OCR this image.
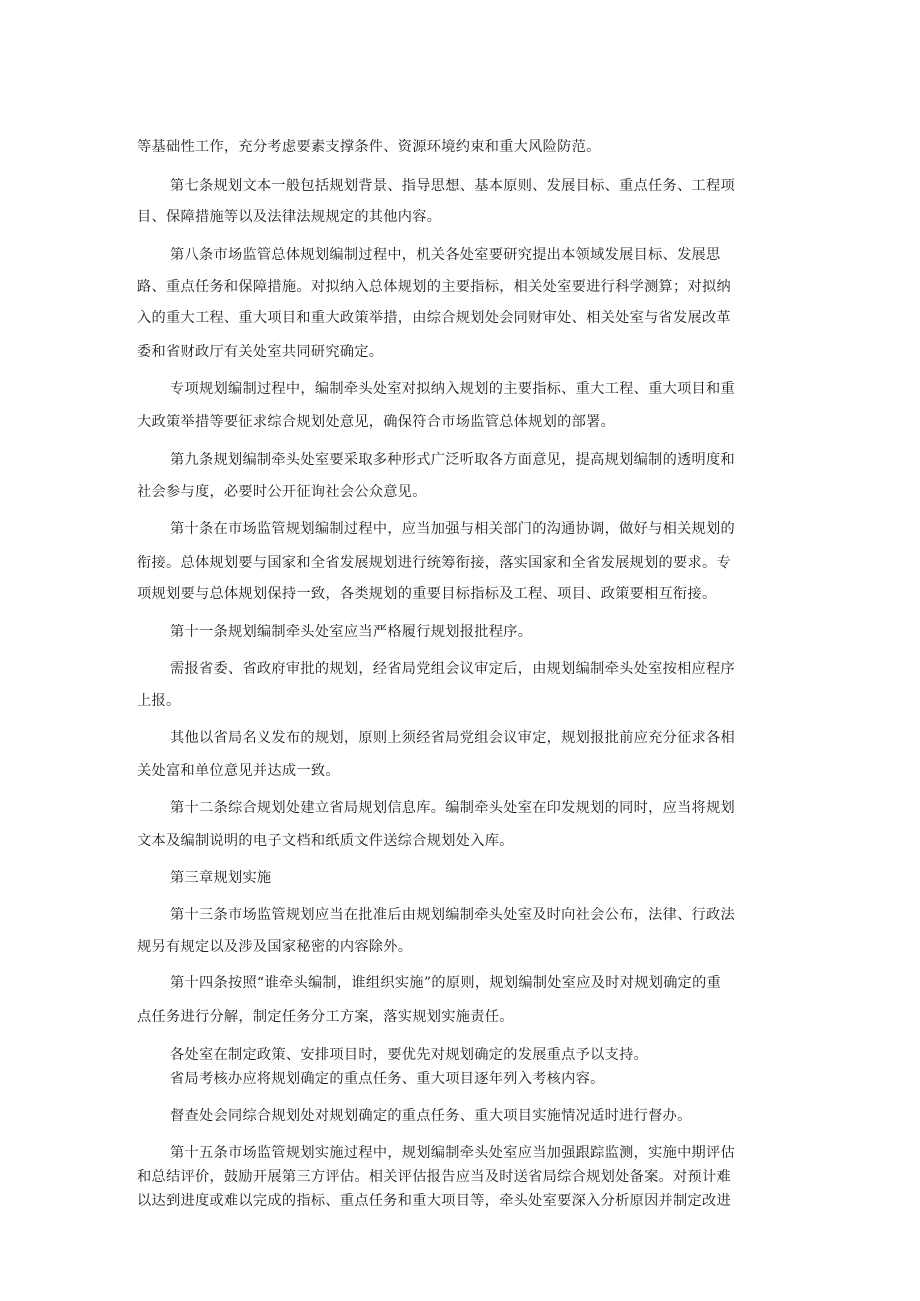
等基础性工作，充分考虑要素支撑条件、资源环境约束和重大风险防范。
第七条规划文本一般包括规划背景、指导思想、基本原则、发展目标、重点任务、工程项
目、保障措施等以及法律法规规定的其他内容。
第八条市场监管总体规划编制过程中，机关各处室要研究提出本领域发展目标、发展思
路、重点任务和保障措施。对拟纳入总体规划的主要指标，相关处室要进行科学测算；对拟纳
入的重大工程、重大项目和重大政策举措，由综合规划处会同财审处、相关处室与省发展改革
委和省财政厅有关处室共同研究确定。
专项规划编制过程中，编制牵头处室对拟纳入规划的主要指标、重大工程、重大项目和重
大政策举措等要征求综合规划处意见，确保符合市场监管总体规划的部署。
第九条规划编制牵头处室要采取多种形式广泛听取各方面意见，提高规划编制的透明度和
社会参与度，必要时公开征询社会公众意见。
第十条在市场监管规划编制过程中，应当加强与相关部门的沟通协调，做好与相关规划的
衔接。总体规划要与国家和全省发展规划进行统筹衔接，落实国家和全省发展规划的要求。专
项规划要与总体规划保持一致，各类规划的重要目标指标及工程、项目、政策要相互衔接。
第十一条规划编制牵头处室应当严格履行规划报批程序。
需报省委、省政府审批的规划，经省局党组会议审定后，由规划编制牵头处室按相应程序
上报。
其他以省局名义发布的规划，原则上须经省局党组会议审定，规划报批前应充分征求各相
关处富和单位意见并达成一致。
第十二条综合规划处建立省局规划信息库。编制牵头处室在印发规划的同时，应当将规划
文本及编制说明的电子文档和纸质文件送综合规划处入库。
第三章规划实施
第十三条市场监管规划应当在批准后由规划编制牵头处室及时向社会公布，法律、行政法
规另有规定以及涉及国家秘密的内容除外。
第十四条按照“谁牵头编制，谁组织实施”的原则，规划编制处室应及时对规划确定的重
点任务进行分解，制定任务分工方案，落实规划实施责任。
各处室在制定政策、安排项目时，要优先对规划确定的发展重点予以支持。
省局考核办应将规划确定的重点任务、重大项目逐年列入考核内容。
督查处会同综合规划处对规划确定的重点任务、重大项目实施情况适时进行督办。
第十五条市场监管规划实施过程中，规划编制牵头处室应当加强跟踪监测，实施中期评估
和总结评价，鼓励开展第三方评估。相关评估报告应当及时送省局综合规划处备案。对预计难
以达到进度或难以完成的指标、重点任务和重大项目等，牵头处室要深入分析原因并制定改进
